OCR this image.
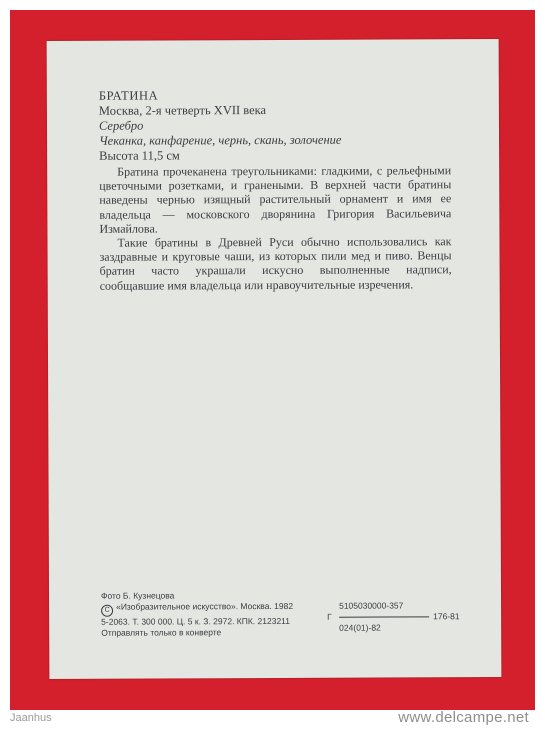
БРАТИНА
Москва, 2-я четверть XVII века
Серебро
Чеканка, канфарение, чернь, скань, золочение
Высота 11,5 см

Братина прочеканена треугольниками: гладкими, с рельефными цветочными розетками, и гранеными. В верхней части братины наведены чернью изящный растительный орнамент и имя ее владельца — московского дворянина Григория Васильевича Измайлова.

Такие братины в Древней Руси обычно использовались как заздравные и круговые чаши, из которых пили мед и пиво. Венцы братин часто украшали искусно выполненные надписи, сообщавшие имя владельца или нравоучительные изречения.

Фото Б. Кузнецова
C «Изобразительное искусство». Москва. 1982
5-2063. Т. 300 000. Ц. 5 к. З. 2972. КПК. 2123211
Отправлять только в конверте
5105030000-357
Г	176-81
024(01)-82
Jaanhus	www.delcampe.net
